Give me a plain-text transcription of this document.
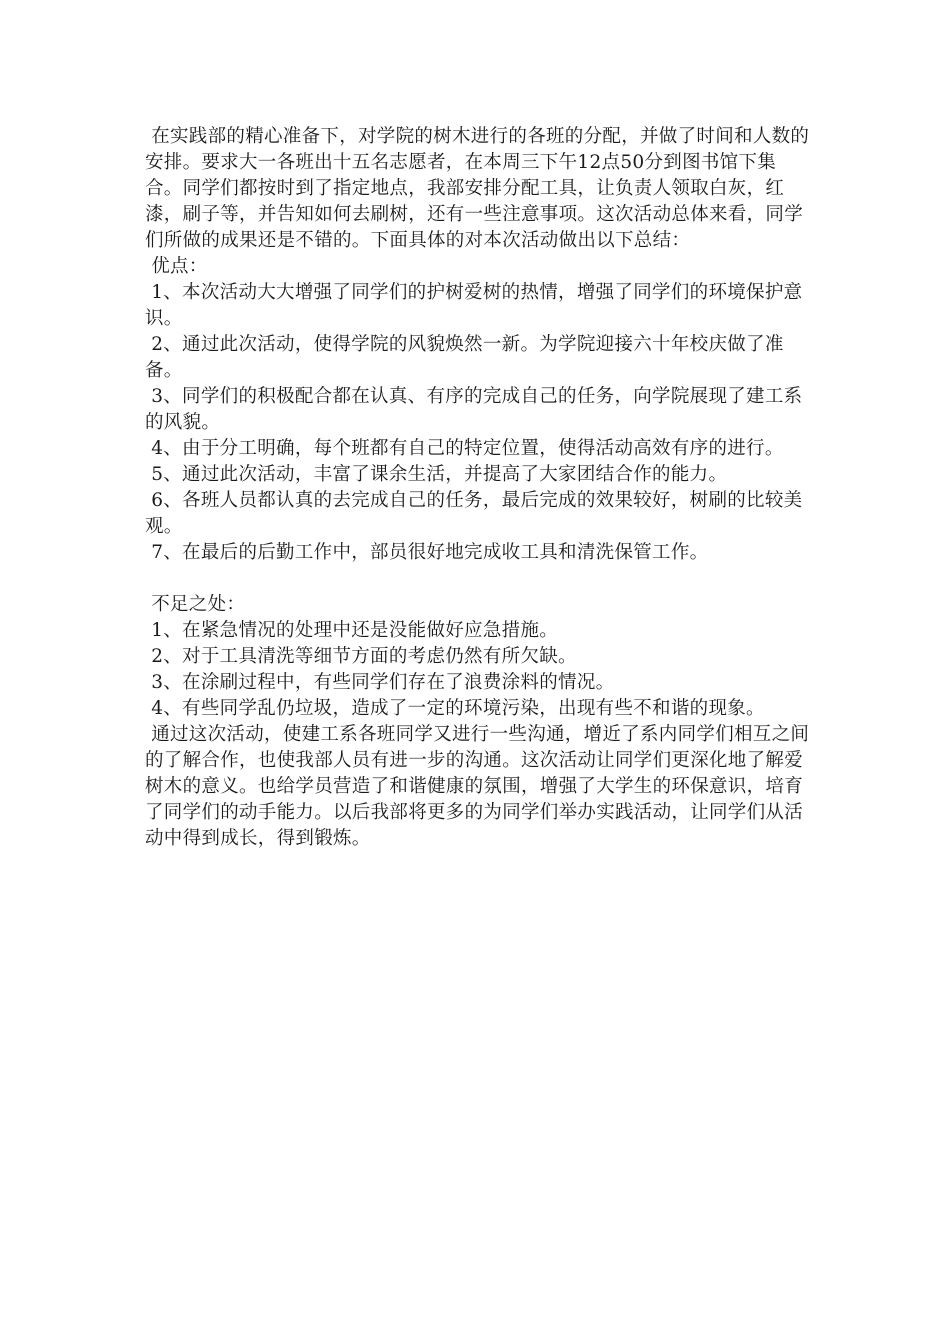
在实践部的精心准备下，对学院的树木进行的各班的分配，并做了时间和人数的安排。要求大一各班出十五名志愿者，在本周三下午12点50分到图书馆下集合。同学们都按时到了指定地点，我部安排分配工具，让负责人领取白灰，红漆，刷子等，并告知如何去刷树，还有一些注意事项。这次活动总体来看，同学们所做的成果还是不错的。下面具体的对本次活动做出以下总结：

优点：

1、本次活动大大增强了同学们的护树爱树的热情，增强了同学们的环境保护意识。

2、通过此次活动，使得学院的风貌焕然一新。为学院迎接六十年校庆做了准备。

3、同学们的积极配合都在认真、有序的完成自己的任务，向学院展现了建工系的风貌。

4、由于分工明确，每个班都有自己的特定位置，使得活动高效有序的进行。

5、通过此次活动，丰富了课余生活，并提高了大家团结合作的能力。

6、各班人员都认真的去完成自己的任务，最后完成的效果较好，树刷的比较美观。

7、在最后的后勤工作中，部员很好地完成收工具和清洗保管工作。

不足之处：

1、在紧急情况的处理中还是没能做好应急措施。

2、对于工具清洗等细节方面的考虑仍然有所欠缺。

3、在涂刷过程中，有些同学们存在了浪费涂料的情况。

4、有些同学乱仍垃圾，造成了一定的环境污染，出现有些不和谐的现象。

通过这次活动，使建工系各班同学又进行一些沟通，增近了系内同学们相互之间的了解合作，也使我部人员有进一步的沟通。这次活动让同学们更深化地了解爱树木的意义。也给学员营造了和谐健康的氛围，增强了大学生的环保意识，培育了同学们的动手能力。以后我部将更多的为同学们举办实践活动，让同学们从活动中得到成长，得到锻炼。
